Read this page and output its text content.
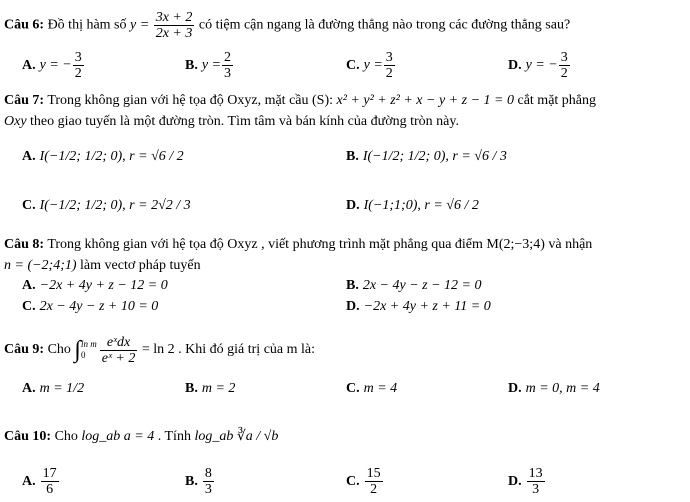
Câu 6: Đồ thị hàm số $y = \frac{3x + 2}{2x + 3}$ có tiệm cận ngang là đường thẳng nào trong các đường thẳng sau?
A. y = − $\frac{3}{2}$	B. $y = \frac{2}{3}$	C. $y = \frac{3}{2}$	D. y = − $\frac{3}{2}$
Câu 7: Trong không gian với hệ tọa độ Oxyz, mặt cầu (S): x² + y² + z² + x − y + z − 1 = 0 cắt mặt phẳng
Oxy theo giao tuyến là một đường tròn. Tìm tâm và bán kính của đường tròn này.
A. I(−1/2; 1/2; 0), r = √6 / 2	B. I(−1/2; 1/2; 0), r = √6 / 3
C. I(−1/2; 1/2; 0), r = 2√2 / 3	D. I(−1;1;0), r = √6 / 2
Câu 8: Trong không gian với hệ tọa độ Oxyz , viết phương trình mặt phẳng qua điểm M(2;−3;4) và nhận
n = (−2;4;1) làm vectơ pháp tuyến
A. −2x + 4y + z − 12 = 0	B. 2x − 4y − z − 12 = 0
C. 2x − 4y − z + 10 = 0	D. −2x + 4y + z + 11 = 0
Câu 9: Cho ∫ ln m
0	$\frac{\text{eˣdx}}{\text{eˣ + 2}} = \ln 2$ . Khi đó giá trị của m là:
A. m = 1/2	B. m = 2	C. m = 4	D. m = 0, m = 4
Câu 10: Cho log_ab a = 4 . Tính log_ab ∛a / √b
A. $\frac{17}{6}$	B. $\frac{8}{3}$	C. $\frac{15}{2}$	D. $\frac{13}{3}$
